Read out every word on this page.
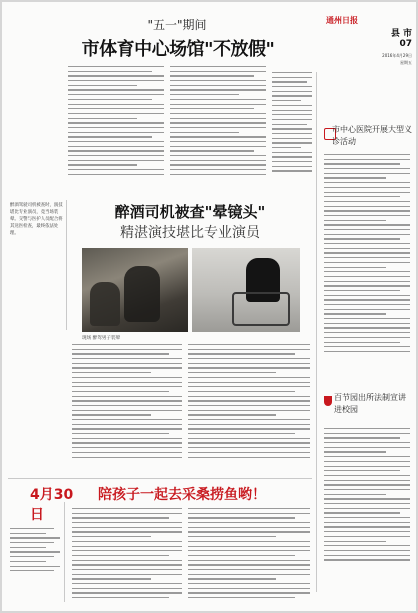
通州日报
县 市
07
2016年4月29日
星期五
"五一"期间
市体育中心场馆"不放假"
市中心医院开展大型义诊活动
百节园出所法制宣讲进校园
醉酒司机被查"晕镜头"
精湛演技堪比专业演员
醉酒驾驶司机被查时，演技堪比专业演员，竟当场装晕。交警与医护人员配合将其送医检查，最终依法处理。
现场 醉驾男子装晕
4月30日
陪孩子一起去采桑捞鱼哟！
